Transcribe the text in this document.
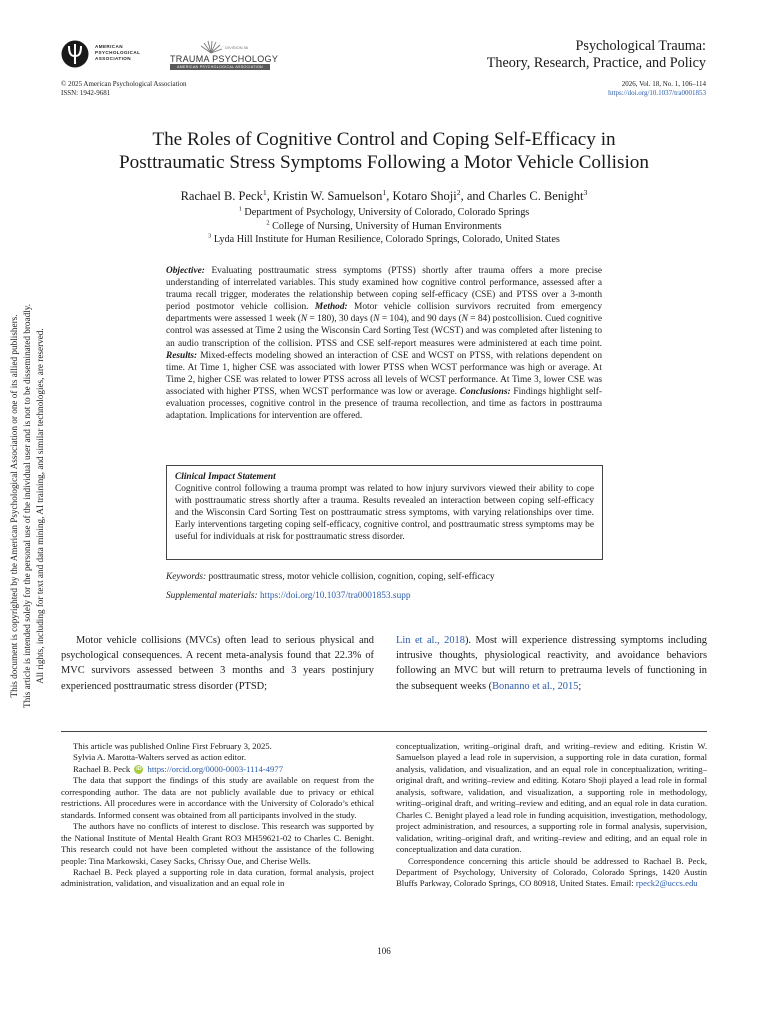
This document is copyrighted by the American Psychological Association or one of its allied publishers. This article is intended solely for the personal use of the individual user and is not to be disseminated broadly. All rights, including for text and data mining, AI training, and similar technologies, are reserved.
AMERICAN
PSYCHOLOGICAL
ASSOCIATION
DIVISION 56
TRAUMA PSYCHOLOGY
AMERICAN PSYCHOLOGICAL ASSOCIATION
Psychological Trauma:
Theory, Research, Practice, and Policy
© 2025 American Psychological Association
ISSN: 1942-9681
2026, Vol. 18, No. 1, 106–114
https://doi.org/10.1037/tra0001853
The Roles of Cognitive Control and Coping Self-Efficacy in
Posttraumatic Stress Symptoms Following a Motor Vehicle Collision
Rachael B. Peck$^1$, Kristin W. Samuelson$^1$, Kotaro Shoji$^2$, and Charles C. Benight$^3$
$^1$ Department of Psychology, University of Colorado, Colorado Springs
$^2$ College of Nursing, University of Human Environments
$^3$ Lyda Hill Institute for Human Resilience, Colorado Springs, Colorado, United States
Objective: Evaluating posttraumatic stress symptoms (PTSS) shortly after trauma offers a more precise understanding of interrelated variables. This study examined how cognitive control performance, assessed after a trauma recall trigger, moderates the relationship between coping self-efficacy (CSE) and PTSS over a 3-month period postmotor vehicle collision. Method: Motor vehicle collision survivors recruited from emergency departments were assessed 1 week (N = 180), 30 days (N = 104), and 90 days (N = 84) postcollision. Cued cognitive control was assessed at Time 2 using the Wisconsin Card Sorting Test (WCST) and was completed after listening to an audio transcription of the collision. PTSS and CSE self-report measures were administered at each time point. Results: Mixed-effects modeling showed an interaction of CSE and WCST on PTSS, with relations dependent on time. At Time 1, higher CSE was associated with lower PTSS when WCST performance was high or average. At Time 2, higher CSE was related to lower PTSS across all levels of WCST performance. At Time 3, lower CSE was associated with higher PTSS, when WCST performance was low or average. Conclusions: Findings highlight self-evaluation processes, cognitive control in the presence of trauma recollection, and time as factors in posttrauma adaptation. Implications for intervention are offered.
Clinical Impact Statement
Cognitive control following a trauma prompt was related to how injury survivors viewed their ability to cope with posttraumatic stress shortly after a trauma. Results revealed an interaction between coping self-efficacy and the Wisconsin Card Sorting Test on posttraumatic stress symptoms, with varying relationships over time. Early interventions targeting coping self-efficacy, cognitive control, and posttraumatic stress symptoms may be useful for individuals at risk for posttraumatic stress disorder.
Keywords: posttraumatic stress, motor vehicle collision, cognition, coping, self-efficacy
Supplemental materials: https://doi.org/10.1037/tra0001853.supp
Motor vehicle collisions (MVCs) often lead to serious physical and psychological consequences. A recent meta-analysis found that 22.3% of MVC survivors assessed between 3 months and 3 years postinjury experienced posttraumatic stress disorder (PTSD;
Lin et al., 2018). Most will experience distressing symptoms including intrusive thoughts, physiological reactivity, and avoidance behaviors following an MVC but will return to pretrauma levels of functioning in the subsequent weeks (Bonanno et al., 2015;

This article was published Online First February 3, 2025.

Sylvia A. Marotta-Walters served as action editor.

Rachael B. Peck iD https://orcid.org/0000-0003-1114-4977

The data that support the findings of this study are available on request from the corresponding author. The data are not publicly available due to privacy or ethical restrictions. All procedures were in accordance with the University of Colorado’s ethical standards. Informed consent was obtained from all participants involved in the study.

The authors have no conflicts of interest to disclose. This research was supported by the National Institute of Mental Health Grant RO3 MH59621-02 to Charles C. Benight. This research could not have been completed without the assistance of the following people: Tina Markowski, Casey Sacks, Chrissy Oue, and Cherise Wells.

Rachael B. Peck played a supporting role in data curation, formal analysis, project administration, validation, and visualization and an equal role in

conceptualization, writing–original draft, and writing–review and editing. Kristin W. Samuelson played a lead role in supervision, a supporting role in data curation, formal analysis, validation, and visualization, and an equal role in conceptualization, writing–original draft, and writing–review and editing. Kotaro Shoji played a lead role in formal analysis, software, validation, and visualization, a supporting role in methodology, writing–original draft, and writing–review and editing, and an equal role in data curation. Charles C. Benight played a lead role in funding acquisition, investigation, methodology, project administration, and resources, a supporting role in formal analysis, supervision, validation, writing–original draft, and writing–review and editing, and an equal role in conceptualization and data curation.

Correspondence concerning this article should be addressed to Rachael B. Peck, Department of Psychology, University of Colorado, Colorado Springs, 1420 Austin Bluffs Parkway, Colorado Springs, CO 80918, United States. Email: rpeck2@uccs.edu

106
